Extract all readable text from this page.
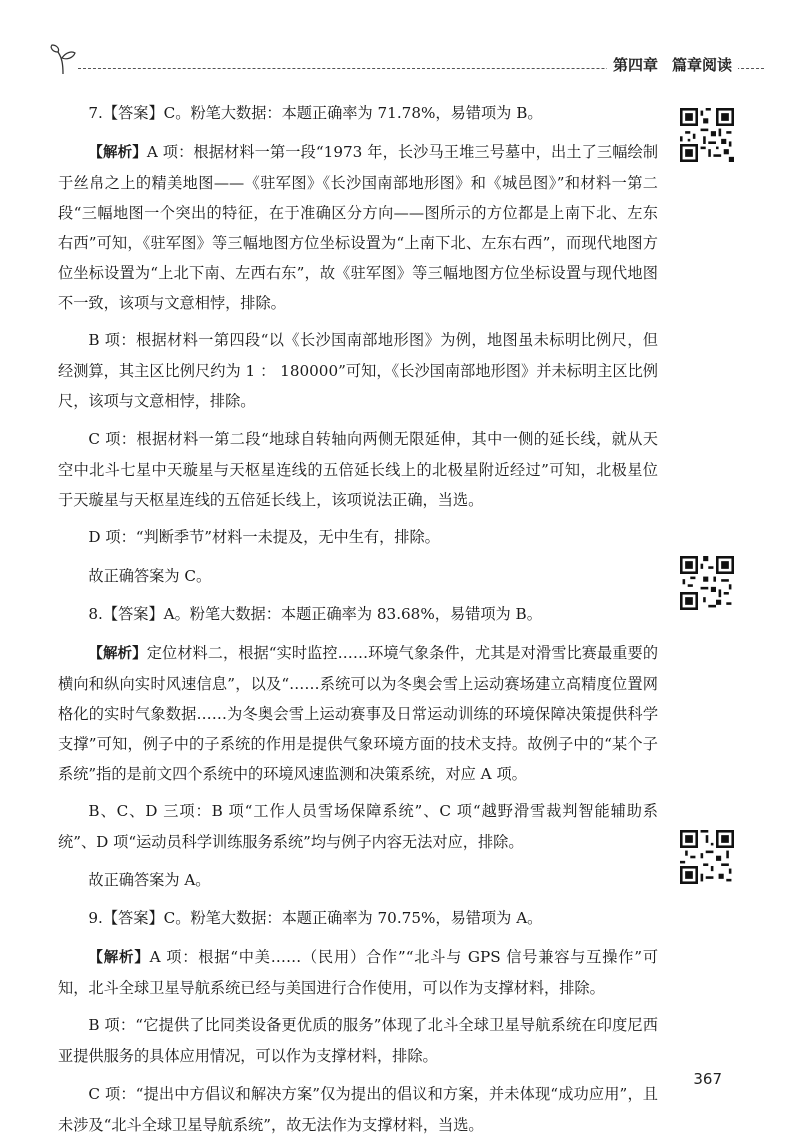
第四章 篇章阅读

7.【答案】C。粉笔大数据：本题正确率为 71.78%，易错项为 B。

【解析】A 项：根据材料一第一段“1973 年，长沙马王堆三号墓中，出土了三幅绘制于丝帛之上的精美地图——《驻军图》《长沙国南部地形图》和《城邑图》”和材料一第二段“三幅地图一个突出的特征，在于准确区分方向——图所示的方位都是上南下北、左东右西”可知，《驻军图》等三幅地图方位坐标设置为“上南下北、左东右西”，而现代地图方位坐标设置为“上北下南、左西右东”，故《驻军图》等三幅地图方位坐标设置与现代地图不一致，该项与文意相悖，排除。

B 项：根据材料一第四段“以《长沙国南部地形图》为例，地图虽未标明比例尺，但经测算，其主区比例尺约为 1 ： 180000”可知，《长沙国南部地形图》并未标明主区比例尺，该项与文意相悖，排除。

C 项：根据材料一第二段“地球自转轴向两侧无限延伸，其中一侧的延长线，就从天空中北斗七星中天璇星与天枢星连线的五倍延长线上的北极星附近经过”可知，北极星位于天璇星与天枢星连线的五倍延长线上，该项说法正确，当选。

D 项：“判断季节”材料一未提及，无中生有，排除。

故正确答案为 C。

8.【答案】A。粉笔大数据：本题正确率为 83.68%，易错项为 B。

【解析】定位材料二，根据“实时监控……环境气象条件，尤其是对滑雪比赛最重要的横向和纵向实时风速信息”，以及“……系统可以为冬奥会雪上运动赛场建立高精度位置网格化的实时气象数据……为冬奥会雪上运动赛事及日常运动训练的环境保障决策提供科学支撑”可知，例子中的子系统的作用是提供气象环境方面的技术支持。故例子中的“某个子系统”指的是前文四个系统中的环境风速监测和决策系统，对应 A 项。

B、C、D 三项：B 项“工作人员雪场保障系统”、C 项“越野滑雪裁判智能辅助系统”、D 项“运动员科学训练服务系统”均与例子内容无法对应，排除。

故正确答案为 A。

9.【答案】C。粉笔大数据：本题正确率为 70.75%，易错项为 A。

【解析】A 项：根据“中美……（民用）合作”“北斗与 GPS 信号兼容与互操作”可知，北斗全球卫星导航系统已经与美国进行合作使用，可以作为支撑材料，排除。

B 项：“它提供了比同类设备更优质的服务”体现了北斗全球卫星导航系统在印度尼西亚提供服务的具体应用情况，可以作为支撑材料，排除。

C 项：“提出中方倡议和解决方案”仅为提出的倡议和方案，并未体现“成功应用”，且未涉及“北斗全球卫星导航系统”，故无法作为支撑材料，当选。

367
